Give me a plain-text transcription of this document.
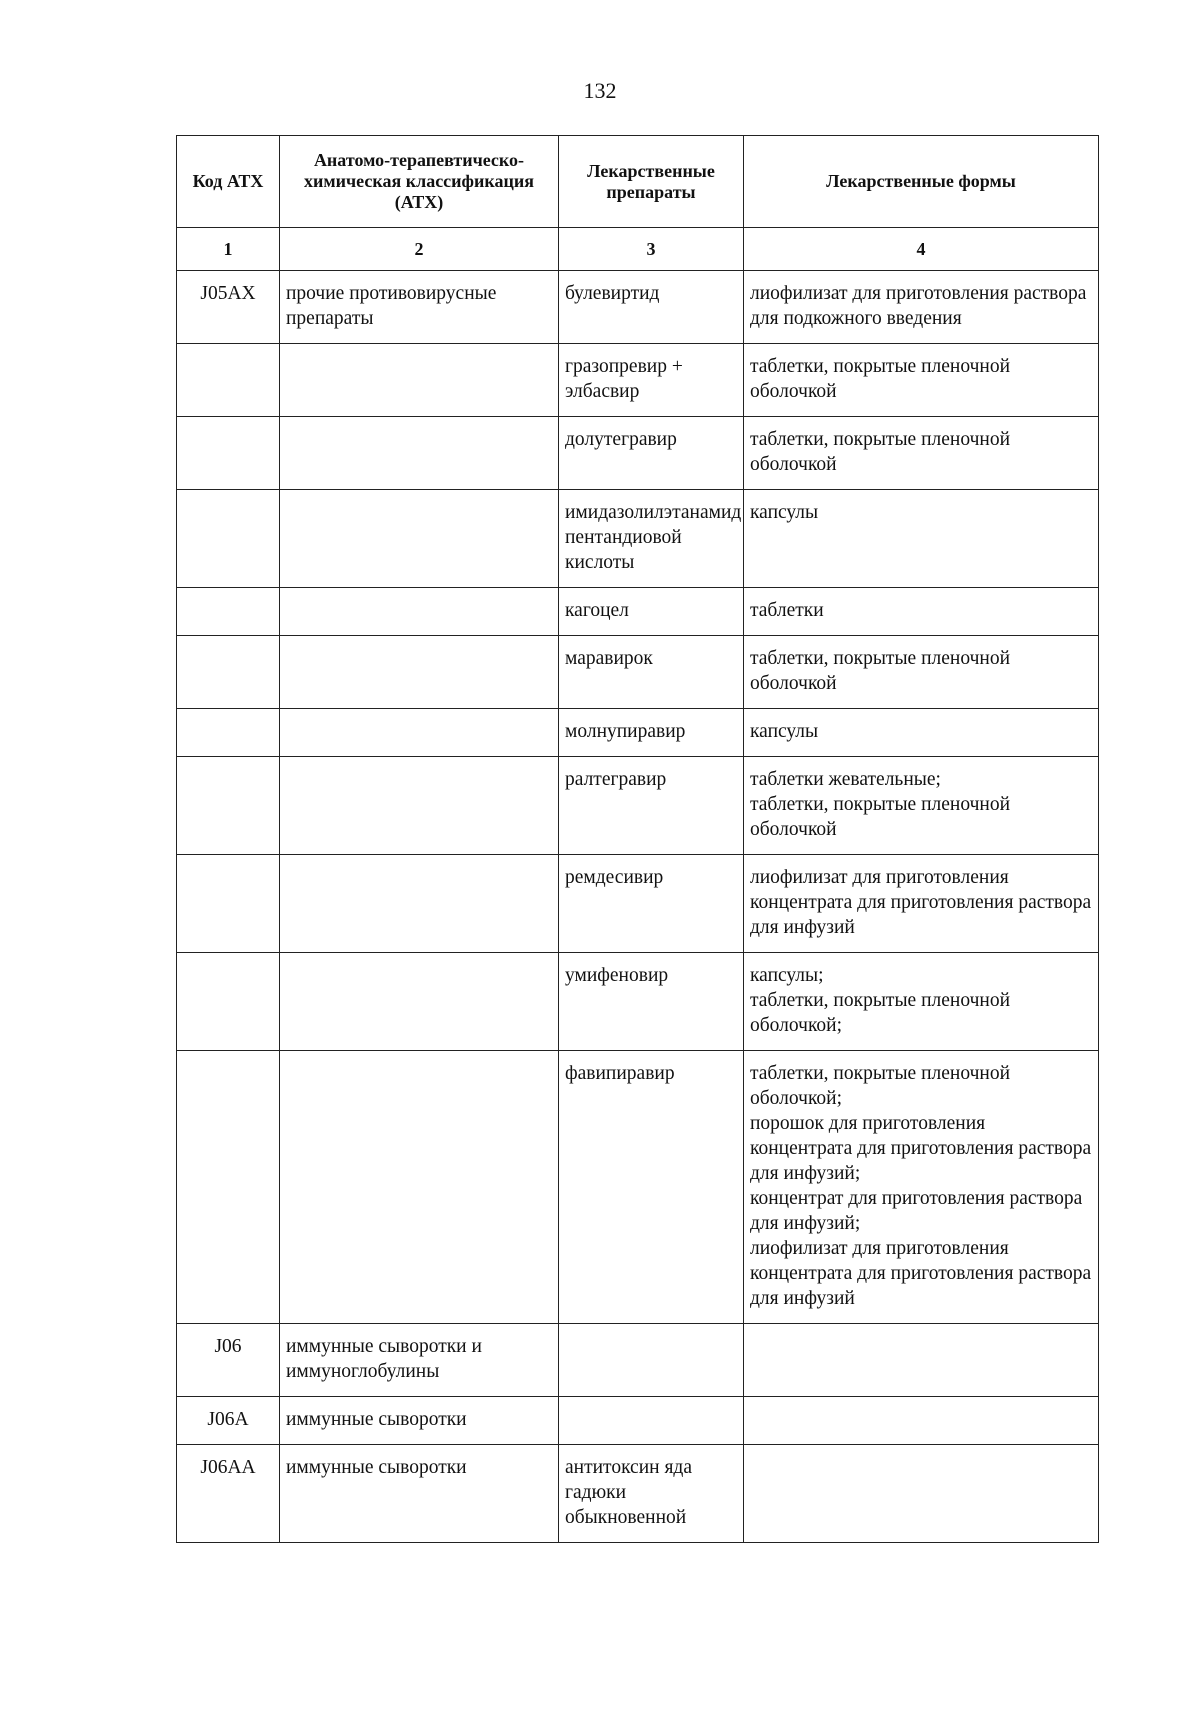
132
Код АТХ	Анатомо-терапевтическо-химическая классификация (АТХ)	Лекарственные препараты	Лекарственные формы
1	2	3	4
J05AX	прочие противовирусные препараты	булевиртид	лиофилизат для приготовления раствора для подкожного введения
		гразопревир + элбасвир	таблетки, покрытые пленочной оболочкой
		долутегравир	таблетки, покрытые пленочной оболочкой
		имидазолилэтанамид пентандиовой кислоты	капсулы
		кагоцел	таблетки
		маравирок	таблетки, покрытые пленочной оболочкой
		молнупиравир	капсулы
		ралтегравир	таблетки жевательные;
таблетки, покрытые пленочной оболочкой
		ремдесивир	лиофилизат для приготовления концентрата для приготовления раствора для инфузий
		умифеновир	капсулы;
таблетки, покрытые пленочной оболочкой;
		фавипиравир	таблетки, покрытые пленочной оболочкой;
порошок для приготовления концентрата для приготовления раствора для инфузий;
концентрат для приготовления раствора для инфузий;
лиофилизат для приготовления концентрата для приготовления раствора для инфузий
J06	иммунные сыворотки и иммуноглобулины		
J06A	иммунные сыворотки		
J06AA	иммунные сыворотки	антитоксин яда гадюки обыкновенной	
